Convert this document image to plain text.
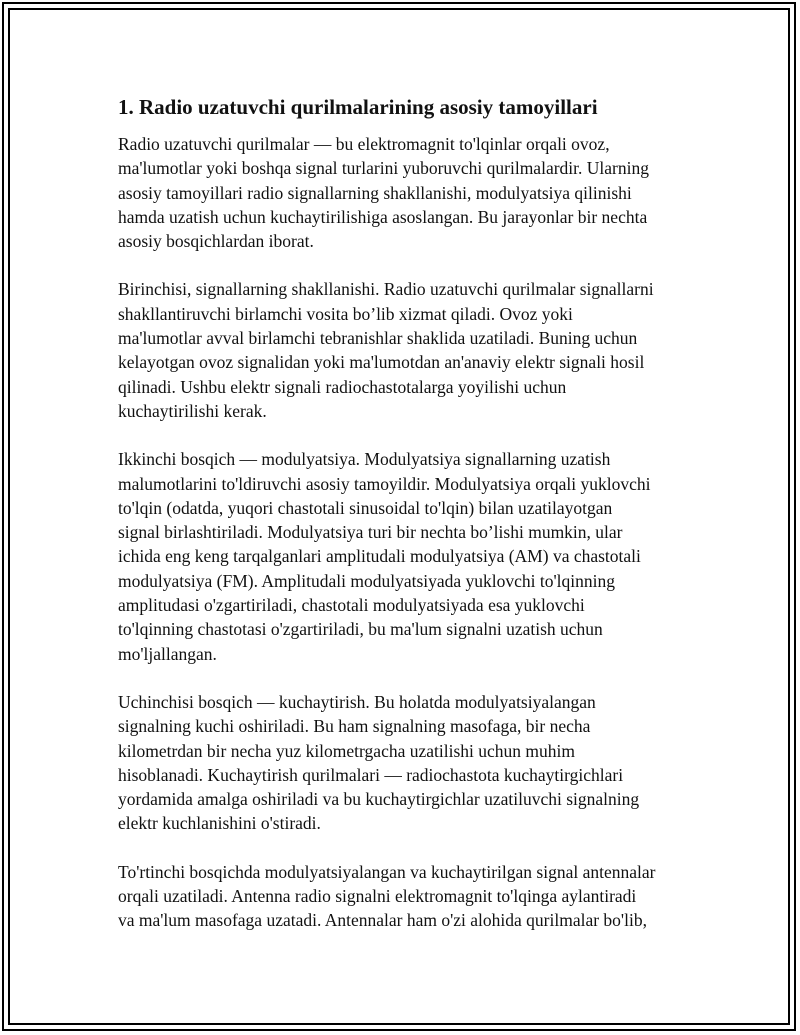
1. Radio uzatuvchi qurilmalarining asosiy tamoyillari
Radio uzatuvchi qurilmalar — bu elektromagnit to'lqinlar orqali ovoz,
ma'lumotlar yoki boshqa signal turlarini yuboruvchi qurilmalardir. Ularning
asosiy tamoyillari radio signallarning shakllanishi, modulyatsiya qilinishi
hamda uzatish uchun kuchaytirilishiga asoslangan. Bu jarayonlar bir nechta
asosiy bosqichlardan iborat.
Birinchisi, signallarning shakllanishi. Radio uzatuvchi qurilmalar signallarni
shakllantiruvchi birlamchi vosita bo’lib xizmat qiladi. Ovoz yoki
ma'lumotlar avval birlamchi tebranishlar shaklida uzatiladi. Buning uchun
kelayotgan ovoz signalidan yoki ma'lumotdan an'anaviy elektr signali hosil
qilinadi. Ushbu elektr signali radiochastotalarga yoyilishi uchun
kuchaytirilishi kerak.
Ikkinchi bosqich — modulyatsiya. Modulyatsiya signallarning uzatish
malumotlarini to'ldiruvchi asosiy tamoyildir. Modulyatsiya orqali yuklovchi
to'lqin (odatda, yuqori chastotali sinusoidal to'lqin) bilan uzatilayotgan
signal birlashtiriladi. Modulyatsiya turi bir nechta bo’lishi mumkin, ular
ichida eng keng tarqalganlari amplitudali modulyatsiya (AM) va chastotali
modulyatsiya (FM). Amplitudali modulyatsiyada yuklovchi to'lqinning
amplitudasi o'zgartiriladi, chastotali modulyatsiyada esa yuklovchi
to'lqinning chastotasi o'zgartiriladi, bu ma'lum signalni uzatish uchun
mo'ljallangan.
Uchinchisi bosqich — kuchaytirish. Bu holatda modulyatsiyalangan
signalning kuchi oshiriladi. Bu ham signalning masofaga, bir necha
kilometrdan bir necha yuz kilometrgacha uzatilishi uchun muhim
hisoblanadi. Kuchaytirish qurilmalari — radiochastota kuchaytirgichlari
yordamida amalga oshiriladi va bu kuchaytirgichlar uzatiluvchi signalning
elektr kuchlanishini o'stiradi.
To'rtinchi bosqichda modulyatsiyalangan va kuchaytirilgan signal antennalar
orqali uzatiladi. Antenna radio signalni elektromagnit to'lqinga aylantiradi
va ma'lum masofaga uzatadi. Antennalar ham o'zi alohida qurilmalar bo'lib,
